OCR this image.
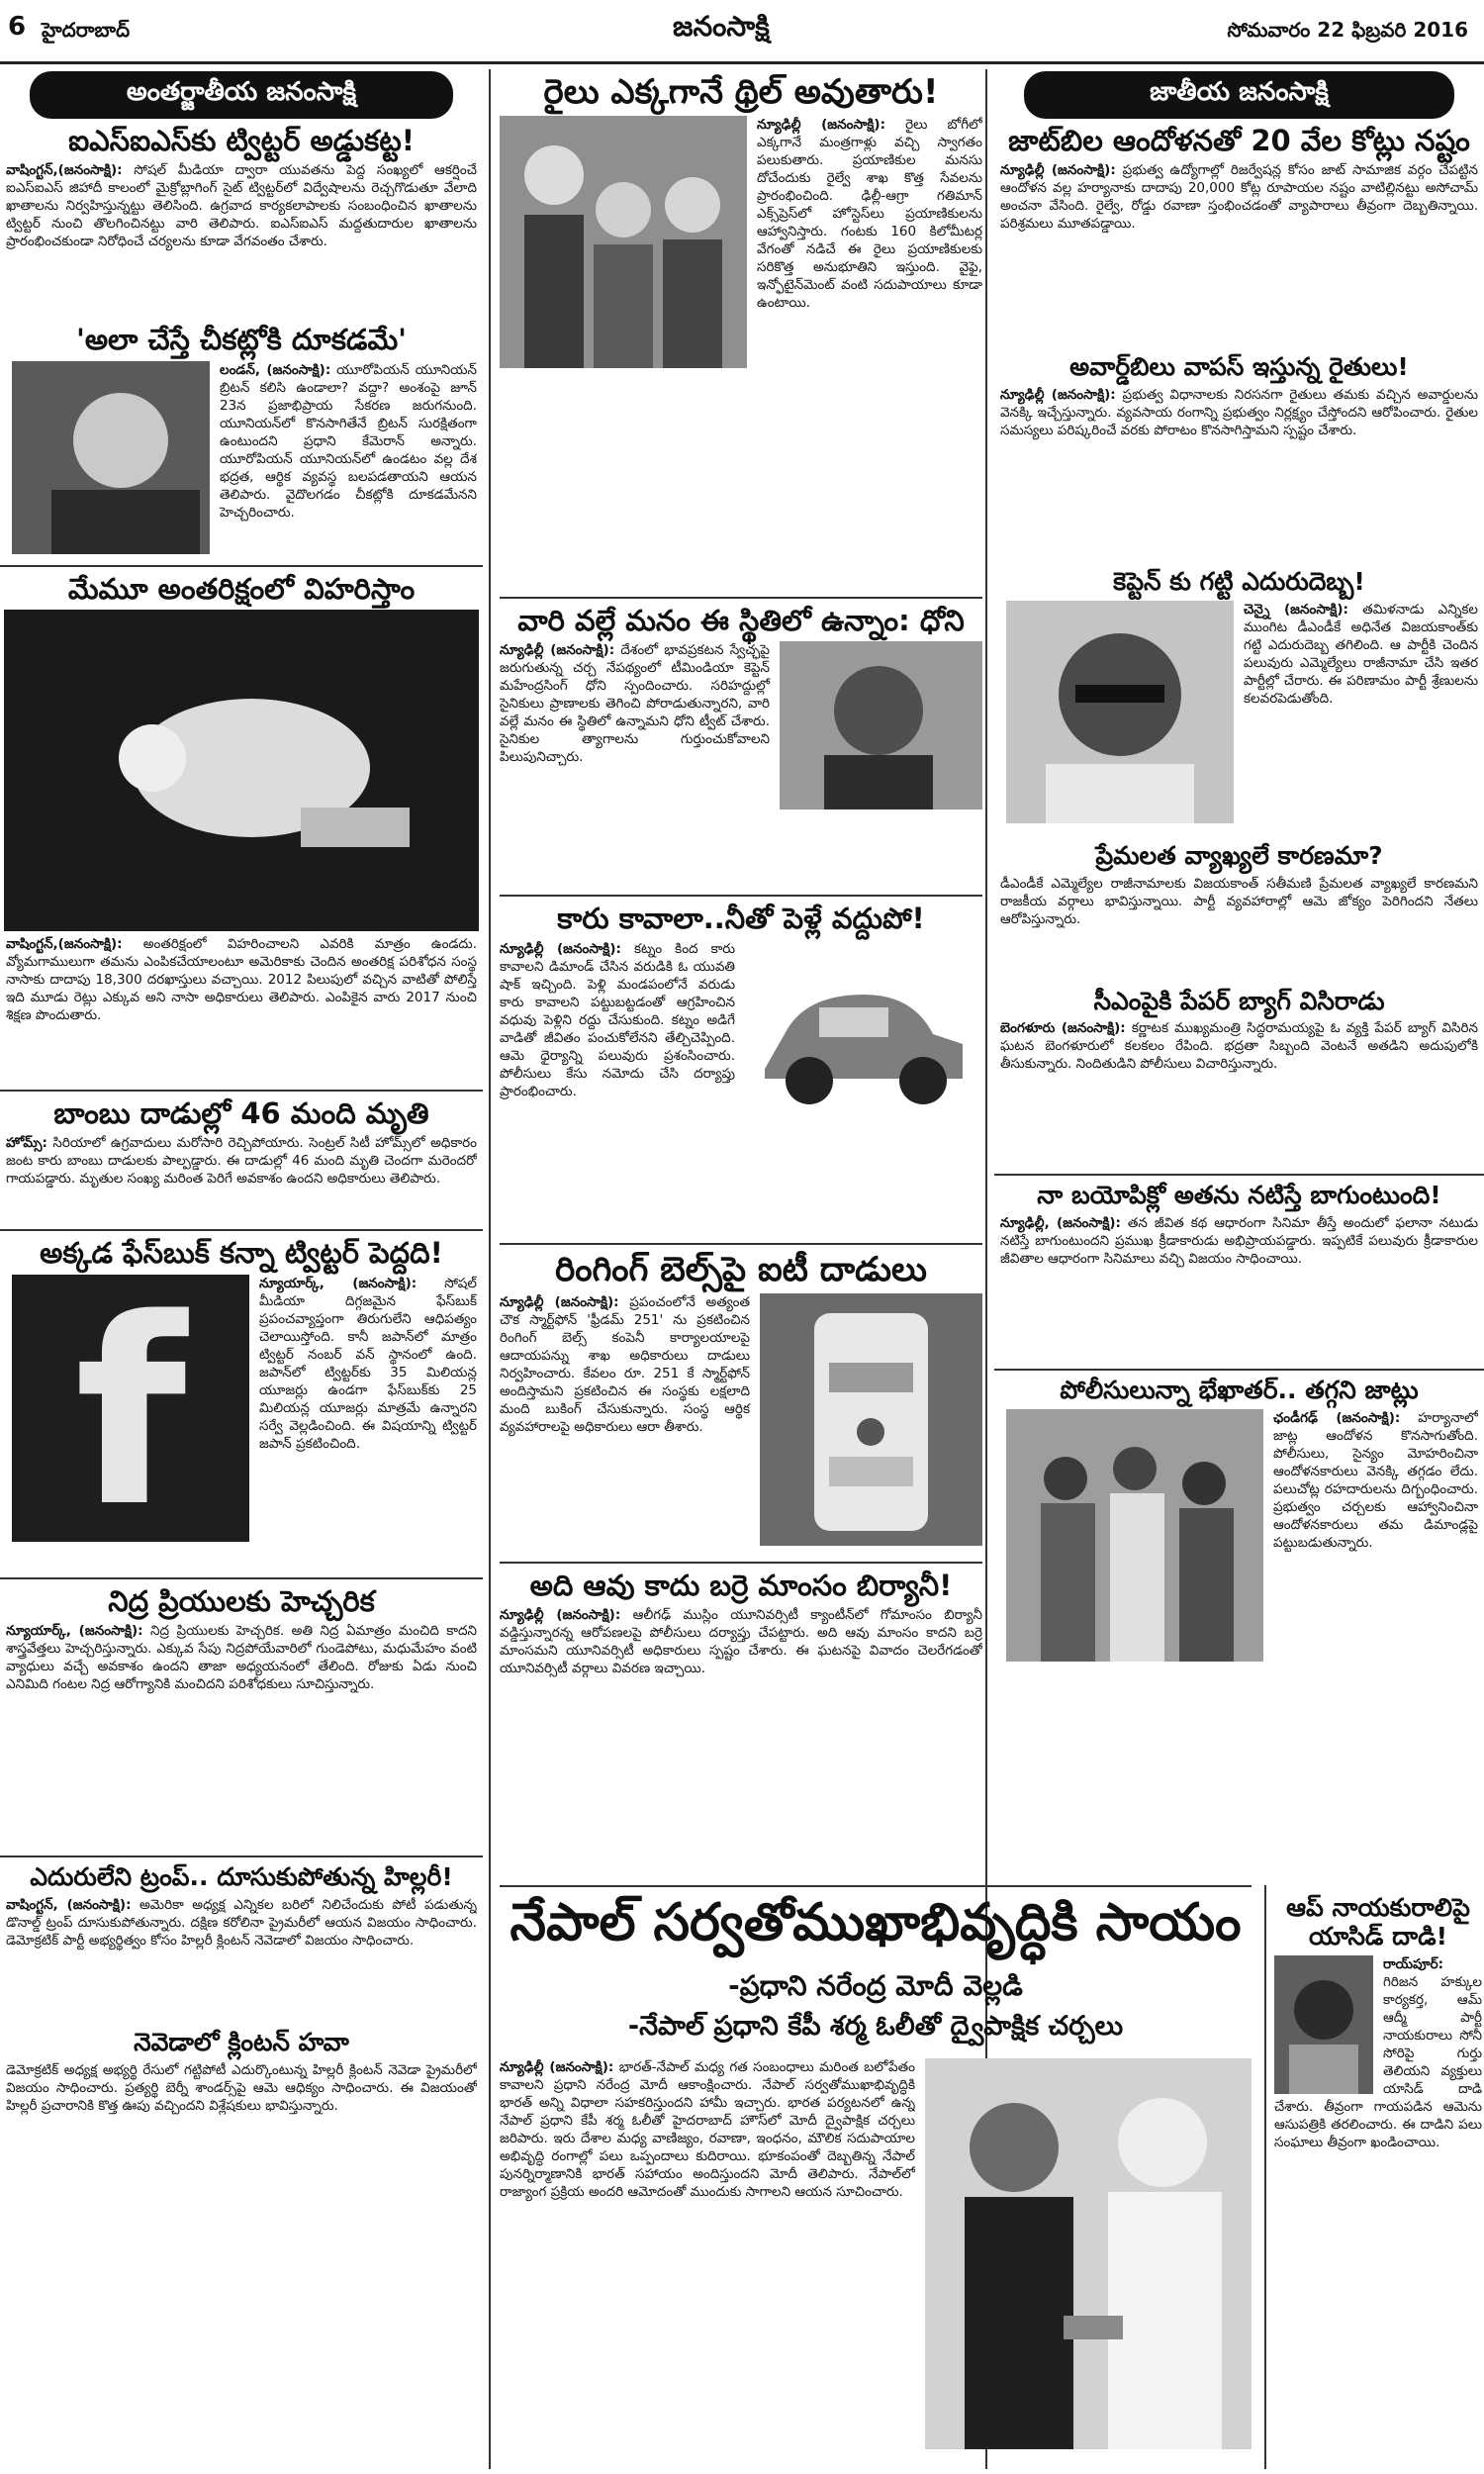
6 హైదరాబాద్	జనంసాక్షి	సోమవారం 22 ఫిబ్రవరి 2016
అంతర్జాతీయ జనంసాక్షి
ఐఎస్ఐఎస్‌కు ట్విట్టర్ అడ్డుకట్ట!
వాషింగ్టన్,(జనంసాక్షి): సోషల్ మీడియా ద్వారా యువతను పెద్ద సంఖ్యలో ఆకర్షించే ఐఎస్ఐఎస్ జిహాదీ కాలంలో మైక్రోబ్లాగింగ్ సైట్ ట్విట్టర్‌లో విద్వేషాలను రెచ్చగొడుతూ వేలాది ఖాతాలను నిర్వహిస్తున్నట్టు తెలిసింది. ఉగ్రవాద కార్యకలాపాలకు సంబంధించిన ఖాతాలను ట్విట్టర్ నుంచి తొలగించినట్టు వారి తెలిపారు. ఐఎస్ఐఎస్ మద్దతుదారుల ఖాతాలను ప్రారంభించకుండా నిరోధించే చర్యలను కూడా వేగవంతం చేశారు.
'అలా చేస్తే చీకట్లోకి దూకడమే'
లండన్, (జనంసాక్షి): యూరోపియన్ యూనియన్ బ్రిటన్ కలిసి ఉండాలా? వద్దా? అంశంపై జూన్ 23న ప్రజాభిప్రాయ సేకరణ జరుగనుంది. యూనియన్‌లో కొనసాగితేనే బ్రిటన్ సురక్షితంగా ఉంటుందని ప్రధాని కేమెరాన్ అన్నారు. యూరోపియన్ యూనియన్‌లో ఉండటం వల్ల దేశ భద్రత, ఆర్థిక వ్యవస్థ బలపడతాయని ఆయన తెలిపారు. వైదొలగడం చీకట్లోకి దూకడమేనని హెచ్చరించారు.
మేమూ అంతరిక్షంలో విహరిస్తాం
వాషింగ్టన్,(జనంసాక్షి): అంతరిక్షంలో విహరించాలని ఎవరికి మాత్రం ఉండదు. వ్యోమగాములుగా తమను ఎంపికచేయాలంటూ అమెరికాకు చెందిన అంతరిక్ష పరిశోధన సంస్థ నాసాకు దాదాపు 18,300 దరఖాస్తులు వచ్చాయి. 2012 పిలుపులో వచ్చిన వాటితో పోలిస్తే ఇది మూడు రెట్లు ఎక్కువ అని నాసా అధికారులు తెలిపారు. ఎంపికైన వారు 2017 నుంచి శిక్షణ పొందుతారు.
బాంబు దాడుల్లో 46 మంది మృతి
హోమ్స్: సిరియాలో ఉగ్రవాదులు మరోసారి రెచ్చిపోయారు. సెంట్రల్ సిటీ హోమ్స్‌లో అధికారం జంట కారు బాంబు దాడులకు పాల్పడ్డారు. ఈ దాడుల్లో 46 మంది మృతి చెందగా మరెందరో గాయపడ్డారు. మృతుల సంఖ్య మరింత పెరిగే అవకాశం ఉందని అధికారులు తెలిపారు.
అక్కడ ఫేస్‌బుక్ కన్నా ట్విట్టర్ పెద్దది!
f	న్యూయార్క్, (జనంసాక్షి): సోషల్ మీడియా దిగ్గజమైన ఫేస్‌బుక్ ప్రపంచవ్యాప్తంగా తిరుగులేని ఆధిపత్యం చెలాయిస్తోంది. కానీ జపాన్‌లో మాత్రం ట్విట్టర్ నంబర్ వన్ స్థానంలో ఉంది. జపాన్‌లో ట్విట్టర్‌కు 35 మిలియన్ల యూజర్లు ఉండగా ఫేస్‌బుక్‌కు 25 మిలియన్ల యూజర్లు మాత్రమే ఉన్నారని సర్వే వెల్లడించింది. ఈ విషయాన్ని ట్విట్టర్ జపాన్ ప్రకటించింది.
నిద్ర ప్రియులకు హెచ్చరిక
న్యూయార్క్, (జనంసాక్షి): నిద్ర ప్రియులకు హెచ్చరిక. అతి నిద్ర ఏమాత్రం మంచిది కాదని శాస్త్రవేత్తలు హెచ్చరిస్తున్నారు. ఎక్కువ సేపు నిద్రపోయేవారిలో గుండెపోటు, మధుమేహం వంటి వ్యాధులు వచ్చే అవకాశం ఉందని తాజా అధ్యయనంలో తేలింది. రోజుకు ఏడు నుంచి ఎనిమిది గంటల నిద్ర ఆరోగ్యానికి మంచిదని పరిశోధకులు సూచిస్తున్నారు.
ఎదురులేని ట్రంప్.. దూసుకుపోతున్న హిల్లరీ!
వాషింగ్టన్, (జనంసాక్షి): అమెరికా అధ్యక్ష ఎన్నికల బరిలో నిలిచేందుకు పోటీ పడుతున్న డొనాల్డ్ ట్రంప్ దూసుకుపోతున్నారు. దక్షిణ కరోలినా ప్రైమరీలో ఆయన విజయం సాధించారు. డెమోక్రటిక్ పార్టీ అభ్యర్థిత్వం కోసం హిల్లరీ క్లింటన్ నెవెడాలో విజయం సాధించారు.
నెవెడాలో క్లింటన్ హవా
డెమోక్రటిక్ అధ్యక్ష అభ్యర్థి రేసులో గట్టిపోటీ ఎదుర్కొంటున్న హిల్లరీ క్లింటన్ నెవెడా ప్రైమరీలో విజయం సాధించారు. ప్రత్యర్థి బెర్నీ శాండర్స్‌పై ఆమె ఆధిక్యం సాధించారు. ఈ విజయంతో హిల్లరీ ప్రచారానికి కొత్త ఊపు వచ్చిందని విశ్లేషకులు భావిస్తున్నారు.
రైలు ఎక్కగానే థ్రిల్ అవుతారు!
న్యూఢిల్లీ (జనంసాక్షి): రైలు బోగీలో ఎక్కగానే మంత్రగాళ్లు వచ్చి స్వాగతం పలుకుతారు. ప్రయాణికుల మనసు దోచేందుకు రైల్వే శాఖ కొత్త సేవలను ప్రారంభించింది. ఢిల్లీ-ఆగ్రా గతిమాన్ ఎక్స్‌ప్రెస్‌లో హోస్టెస్‌లు ప్రయాణికులను ఆహ్వానిస్తారు. గంటకు 160 కిలోమీటర్ల వేగంతో నడిచే ఈ రైలు ప్రయాణికులకు సరికొత్త అనుభూతిని ఇస్తుంది. వైఫై, ఇన్ఫోటైన్‌మెంట్ వంటి సదుపాయాలు కూడా ఉంటాయి.
వారి వల్లే మనం ఈ స్థితిలో ఉన్నాం: ధోని
న్యూఢిల్లీ (జనంసాక్షి): దేశంలో భావప్రకటన స్వేచ్ఛపై జరుగుతున్న చర్చ నేపథ్యంలో టీమిండియా కెప్టెన్ మహేంద్రసింగ్ ధోని స్పందించారు. సరిహద్దుల్లో సైనికులు ప్రాణాలకు తెగించి పోరాడుతున్నారని, వారి వల్లే మనం ఈ స్థితిలో ఉన్నామని ధోని ట్వీట్ చేశారు. సైనికుల త్యాగాలను గుర్తుంచుకోవాలని పిలుపునిచ్చారు.
కారు కావాలా..నీతో పెళ్లే వద్దుపో!
న్యూఢిల్లీ (జనంసాక్షి): కట్నం కింద కారు కావాలని డిమాండ్ చేసిన వరుడికి ఓ యువతి షాక్ ఇచ్చింది. పెళ్లి మండపంలోనే వరుడు కారు కావాలని పట్టుబట్టడంతో ఆగ్రహించిన వధువు పెళ్లిని రద్దు చేసుకుంది. కట్నం అడిగే వాడితో జీవితం పంచుకోలేనని తేల్చిచెప్పింది. ఆమె ధైర్యాన్ని పలువురు ప్రశంసించారు. పోలీసులు కేసు నమోదు చేసి దర్యాప్తు ప్రారంభించారు.
రింగింగ్ బెల్స్‌పై ఐటీ దాడులు
న్యూఢిల్లీ (జనంసాక్షి): ప్రపంచంలోనే అత్యంత చౌక స్మార్ట్‌ఫోన్ 'ఫ్రీడమ్ 251' ను ప్రకటించిన రింగింగ్ బెల్స్ కంపెనీ కార్యాలయాలపై ఆదాయపన్ను శాఖ అధికారులు దాడులు నిర్వహించారు. కేవలం రూ. 251 కే స్మార్ట్‌ఫోన్ అందిస్తామని ప్రకటించిన ఈ సంస్థకు లక్షలాది మంది బుకింగ్ చేసుకున్నారు. సంస్థ ఆర్థిక వ్యవహారాలపై అధికారులు ఆరా తీశారు.
అది ఆవు కాదు బర్రె మాంసం బిర్యానీ!
న్యూఢిల్లీ (జనంసాక్షి): ఆలీగఢ్ ముస్లిం యూనివర్సిటీ క్యాంటీన్‌లో గోమాంసం బిర్యానీ వడ్డిస్తున్నారన్న ఆరోపణలపై పోలీసులు దర్యాప్తు చేపట్టారు. అది ఆవు మాంసం కాదని బర్రె మాంసమని యూనివర్సిటీ అధికారులు స్పష్టం చేశారు. ఈ ఘటనపై వివాదం చెలరేగడంతో యూనివర్సిటీ వర్గాలు వివరణ ఇచ్చాయి.
జాతీయ జనంసాక్షి
జాట్‌బిల ఆందోళనతో 20 వేల కోట్లు నష్టం
న్యూఢిల్లీ (జనంసాక్షి): ప్రభుత్వ ఉద్యోగాల్లో రిజర్వేషన్ల కోసం జాట్ సామాజిక వర్గం చేపట్టిన ఆందోళన వల్ల హర్యానాకు దాదాపు 20,000 కోట్ల రూపాయల నష్టం వాటిల్లినట్టు అసోచామ్ అంచనా వేసింది. రైల్వే, రోడ్డు రవాణా స్తంభించడంతో వ్యాపారాలు తీవ్రంగా దెబ్బతిన్నాయి. పరిశ్రమలు మూతపడ్డాయి.
అవార్డ్‌బిలు వాపస్ ఇస్తున్న రైతులు!
న్యూఢిల్లీ (జనంసాక్షి): ప్రభుత్వ విధానాలకు నిరసనగా రైతులు తమకు వచ్చిన అవార్డులను వెనక్కి ఇచ్చేస్తున్నారు. వ్యవసాయ రంగాన్ని ప్రభుత్వం నిర్లక్ష్యం చేస్తోందని ఆరోపించారు. రైతుల సమస్యలు పరిష్కరించే వరకు పోరాటం కొనసాగిస్తామని స్పష్టం చేశారు.
కెప్టెన్ కు గట్టి ఎదురుదెబ్బ!
చెన్నై (జనంసాక్షి): తమిళనాడు ఎన్నికల ముంగిట డీఎండీకే అధినేత విజయకాంత్‌కు గట్టి ఎదురుదెబ్బ తగిలింది. ఆ పార్టీకి చెందిన పలువురు ఎమ్మెల్యేలు రాజీనామా చేసి ఇతర పార్టీల్లో చేరారు. ఈ పరిణామం పార్టీ శ్రేణులను కలవరపెడుతోంది.
ప్రేమలత వ్యాఖ్యలే కారణమా?
డీఎండీకే ఎమ్మెల్యేల రాజీనామాలకు విజయకాంత్ సతీమణి ప్రేమలత వ్యాఖ్యలే కారణమని రాజకీయ వర్గాలు భావిస్తున్నాయి. పార్టీ వ్యవహారాల్లో ఆమె జోక్యం పెరిగిందని నేతలు ఆరోపిస్తున్నారు.
సీఎంపైకి పేపర్ బ్యాగ్ విసిరాడు
బెంగళూరు (జనంసాక్షి): కర్ణాటక ముఖ్యమంత్రి సిద్ధరామయ్యపై ఓ వ్యక్తి పేపర్ బ్యాగ్ విసిరిన ఘటన బెంగళూరులో కలకలం రేపింది. భద్రతా సిబ్బంది వెంటనే అతడిని అదుపులోకి తీసుకున్నారు. నిందితుడిని పోలీసులు విచారిస్తున్నారు.
నా బయోపిక్లో అతను నటిస్తే బాగుంటుంది!
న్యూఢిల్లీ, (జనంసాక్షి): తన జీవిత కథ ఆధారంగా సినిమా తీస్తే అందులో ఫలానా నటుడు నటిస్తే బాగుంటుందని ప్రముఖ క్రీడాకారుడు అభిప్రాయపడ్డారు. ఇప్పటికే పలువురు క్రీడాకారుల జీవితాల ఆధారంగా సినిమాలు వచ్చి విజయం సాధించాయి.
పోలీసులున్నా భేఖాతర్.. తగ్గని జాట్లు
ఛండీగఢ్ (జనంసాక్షి): హర్యానాలో జాట్ల ఆందోళన కొనసాగుతోంది. పోలీసులు, సైన్యం మోహరించినా ఆందోళనకారులు వెనక్కి తగ్గడం లేదు. పలుచోట్ల రహదారులను దిగ్బంధించారు. ప్రభుత్వం చర్చలకు ఆహ్వానించినా ఆందోళనకారులు తమ డిమాండ్లపై పట్టుబడుతున్నారు.
నేపాల్ సర్వతోముఖాభివృద్ధికి సాయం
-ప్రధాని నరేంద్ర మోదీ వెల్లడి
-నేపాల్ ప్రధాని కేపీ శర్మ ఓలీతో ద్వైపాక్షిక చర్చలు
న్యూఢిల్లీ (జనంసాక్షి): భారత్-నేపాల్ మధ్య గత సంబంధాలు మరింత బలోపేతం కావాలని ప్రధాని నరేంద్ర మోదీ ఆకాంక్షించారు. నేపాల్ సర్వతోముఖాభివృద్ధికి భారత్ అన్ని విధాలా సహకరిస్తుందని హామీ ఇచ్చారు. భారత పర్యటనలో ఉన్న నేపాల్ ప్రధాని కేపీ శర్మ ఓలీతో హైదరాబాద్ హౌస్‌లో మోదీ ద్వైపాక్షిక చర్చలు జరిపారు. ఇరు దేశాల మధ్య వాణిజ్యం, రవాణా, ఇంధనం, మౌలిక సదుపాయాల అభివృద్ధి రంగాల్లో పలు ఒప్పందాలు కుదిరాయి. భూకంపంతో దెబ్బతిన్న నేపాల్ పునర్నిర్మాణానికి భారత్ సహాయం అందిస్తుందని మోదీ తెలిపారు. నేపాల్‌లో రాజ్యాంగ ప్రక్రియ అందరి ఆమోదంతో ముందుకు సాగాలని ఆయన సూచించారు.
ఆప్ నాయకురాలిపై యాసిడ్ దాడి!
రాయ్‌పూర్: గిరిజన హక్కుల కార్యకర్త, ఆమ్ ఆద్మీ పార్టీ నాయకురాలు సోనీ సోరిపై గుర్తు తెలియని వ్యక్తులు యాసిడ్ దాడి చేశారు. తీవ్రంగా గాయపడిన ఆమెను ఆసుపత్రికి తరలించారు. ఈ దాడిని పలు సంఘాలు తీవ్రంగా ఖండించాయి.
